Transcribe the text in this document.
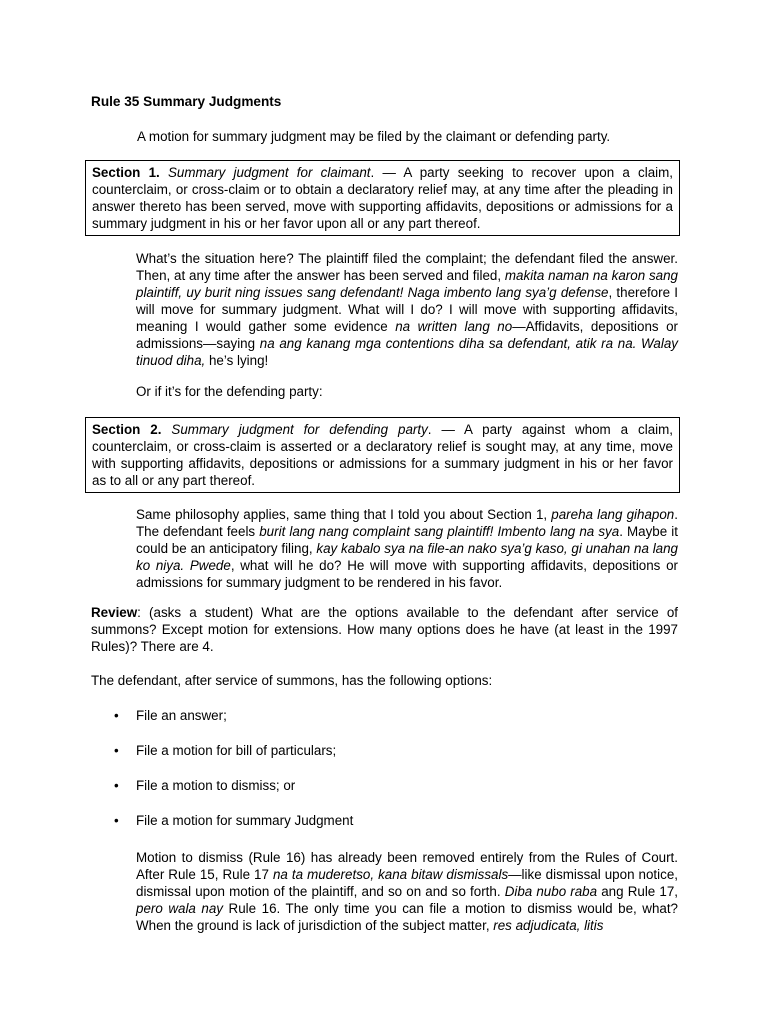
Rule 35 Summary Judgments
A motion for summary judgment may be filed by the claimant or defending party.
Section 1. Summary judgment for claimant. — A party seeking to recover upon a claim, counterclaim, or cross-claim or to obtain a declaratory relief may, at any time after the pleading in answer thereto has been served, move with supporting affidavits, depositions or admissions for a summary judgment in his or her favor upon all or any part thereof.
What’s the situation here? The plaintiff filed the complaint; the defendant filed the answer. Then, at any time after the answer has been served and filed, makita naman na karon sang plaintiff, uy burit ning issues sang defendant! Naga imbento lang sya’g defense, therefore I will move for summary judgment. What will I do? I will move with supporting affidavits, meaning I would gather some evidence na written lang no—Affidavits, depositions or admissions—saying na ang kanang mga contentions diha sa defendant, atik ra na. Walay tinuod diha, he’s lying!
Or if it’s for the defending party:
Section 2. Summary judgment for defending party. — A party against whom a claim, counterclaim, or cross-claim is asserted or a declaratory relief is sought may, at any time, move with supporting affidavits, depositions or admissions for a summary judgment in his or her favor as to all or any part thereof.
Same philosophy applies, same thing that I told you about Section 1, pareha lang gihapon. The defendant feels burit lang nang complaint sang plaintiff! Imbento lang na sya. Maybe it could be an anticipatory filing, kay kabalo sya na file-an nako sya’g kaso, gi unahan na lang ko niya. Pwede, what will he do? He will move with supporting affidavits, depositions or admissions for summary judgment to be rendered in his favor.
Review: (asks a student) What are the options available to the defendant after service of summons? Except motion for extensions. How many options does he have (at least in the 1997 Rules)? There are 4.
The defendant, after service of summons, has the following options:
• File an answer;
• File a motion for bill of particulars;
• File a motion to dismiss; or
• File a motion for summary Judgment
Motion to dismiss (Rule 16) has already been removed entirely from the Rules of Court. After Rule 15, Rule 17 na ta muderetso, kana bitaw dismissals—like dismissal upon notice, dismissal upon motion of the plaintiff, and so on and so forth. Diba nubo raba ang Rule 17, pero wala nay Rule 16. The only time you can file a motion to dismiss would be, what? When the ground is lack of jurisdiction of the subject matter, res adjudicata, litis
